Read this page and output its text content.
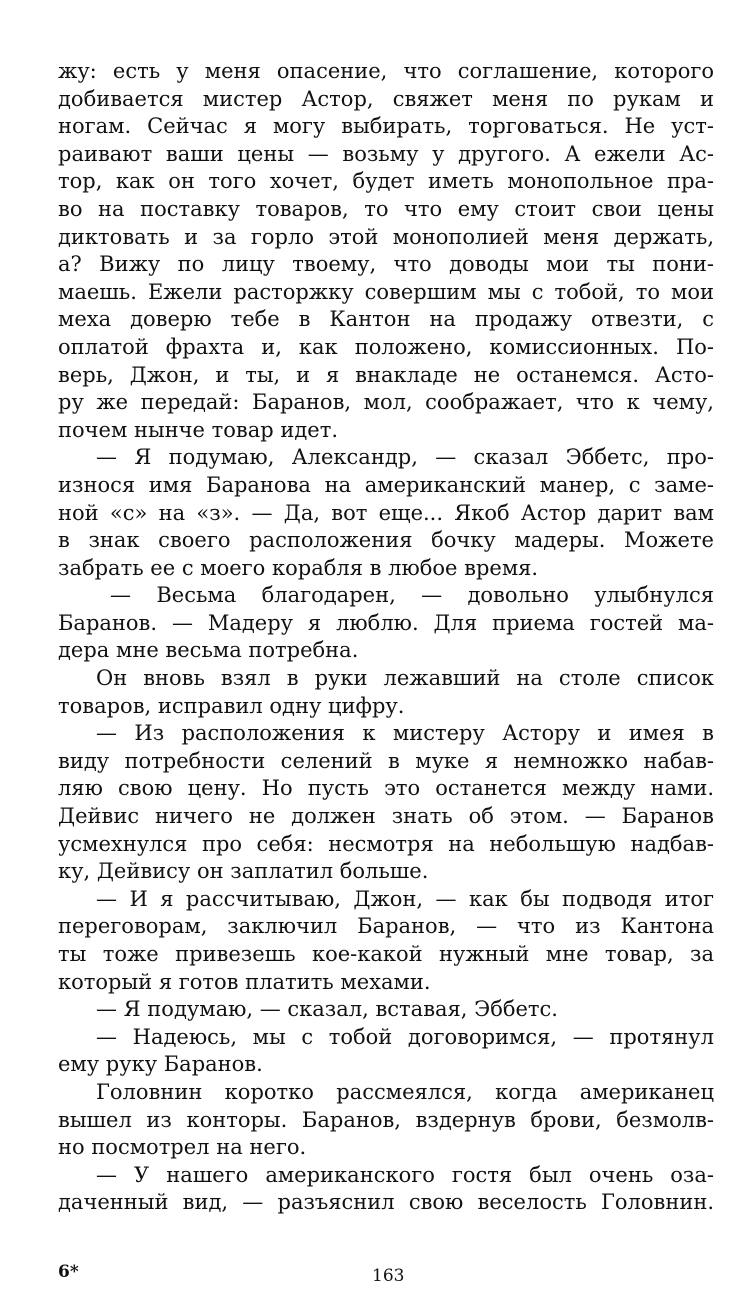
жу: есть у меня опасение, что соглашение, которого
добивается мистер Астор, свяжет меня по рукам и
ногам. Сейчас я могу выбирать, торговаться. Не уст-
раивают ваши цены — возьму у другого. А ежели Ас-
тор, как он того хочет, будет иметь монопольное пра-
во на поставку товаров, то что ему стоит свои цены
диктовать и за горло этой монополией меня держать,
а? Вижу по лицу твоему, что доводы мои ты пони-
маешь. Ежели расторжку совершим мы с тобой, то мои
меха доверю тебе в Кантон на продажу отвезти, с
оплатой фрахта и, как положено, комиссионных. По-
верь, Джон, и ты, и я внакладе не останемся. Асто-
ру же передай: Баранов, мол, соображает, что к чему,
почем нынче товар идет.
— Я подумаю, Александр, — сказал Эббетс, про-
износя имя Баранова на американский манер, с заме-
ной «с» на «з». — Да, вот еще... Якоб Астор дарит вам
в знак своего расположения бочку мадеры. Можете
забрать ее с моего корабля в любое время.
— Весьма благодарен, — довольно улыбнулся
Баранов. — Мадеру я люблю. Для приема гостей ма-
дера мне весьма потребна.
Он вновь взял в руки лежавший на столе список
товаров, исправил одну цифру.
— Из расположения к мистеру Астору и имея в
виду потребности селений в муке я немножко набав-
ляю свою цену. Но пусть это останется между нами.
Дейвис ничего не должен знать об этом. — Баранов
усмехнулся про себя: несмотря на небольшую надбав-
ку, Дейвису он заплатил больше.
— И я рассчитываю, Джон, — как бы подводя итог
переговорам, заключил Баранов, — что из Кантона
ты тоже привезешь кое-какой нужный мне товар, за
который я готов платить мехами.
— Я подумаю, — сказал, вставая, Эббетс.
— Надеюсь, мы с тобой договоримся, — протянул
ему руку Баранов.
Головнин коротко рассмеялся, когда американец
вышел из конторы. Баранов, вздернув брови, безмолв-
но посмотрел на него.
— У нашего американского гостя был очень оза-
даченный вид, — разъяснил свою веселость Головнин.
6*	163
